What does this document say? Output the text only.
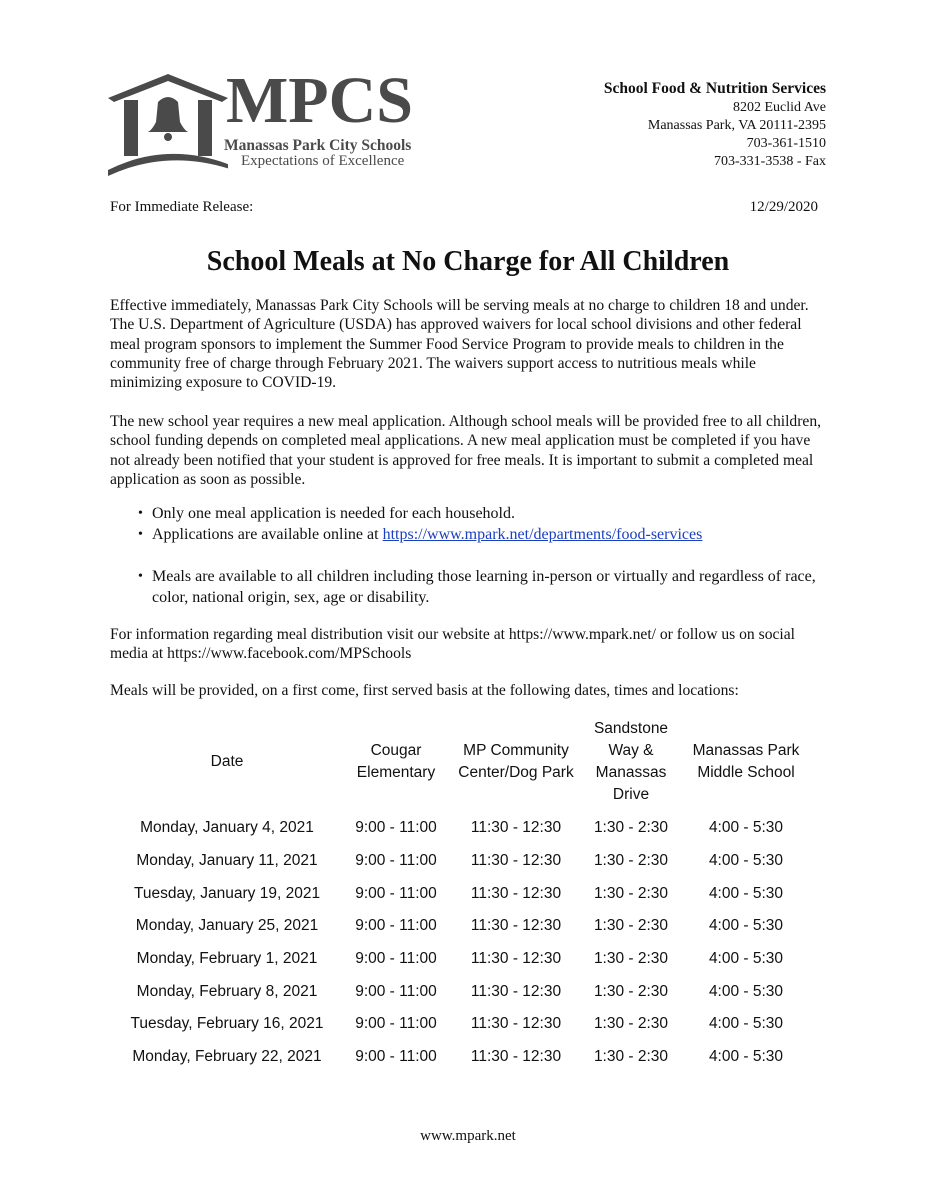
MPCS
Manassas Park City Schools
Expectations of Excellence
School Food & Nutrition Services
8202 Euclid Ave
Manassas Park, VA 20111-2395
703-361-1510
703-331-3538 - Fax
For Immediate Release:	12/29/2020
School Meals at No Charge for All Children

Effective immediately, Manassas Park City Schools will be serving meals at no charge to children 18 and under. The U.S. Department of Agriculture (USDA) has approved waivers for local school divisions and other federal meal program sponsors to implement the Summer Food Service Program to provide meals to children in the community free of charge through February 2021. The waivers support access to nutritious meals while minimizing exposure to COVID-19.

The new school year requires a new meal application. Although school meals will be provided free to all children, school funding depends on completed meal applications. A new meal application must be completed if you have not already been notified that your student is approved for free meals. It is important to submit a completed meal application as soon as possible.

• Only one meal application is needed for each household.
• Applications are available online at https://www.mpark.net/departments/food-services
• Meals are available to all children including those learning in-person or virtually and regardless of race, color, national origin, sex, age or disability.

For information regarding meal distribution visit our website at https://www.mpark.net/ or follow us on social media at https://www.facebook.com/MPSchools

Meals will be provided, on a first come, first served basis at the following dates, times and locations:

Date	Cougar Elementary	MP Community Center/Dog Park	Sandstone Way & Manassas Drive	Manassas Park Middle School
Monday, January 4, 2021	9:00 - 11:00	11:30 - 12:30	1:30 - 2:30	4:00 - 5:30
Monday, January 11, 2021	9:00 - 11:00	11:30 - 12:30	1:30 - 2:30	4:00 - 5:30
Tuesday, January 19, 2021	9:00 - 11:00	11:30 - 12:30	1:30 - 2:30	4:00 - 5:30
Monday, January 25, 2021	9:00 - 11:00	11:30 - 12:30	1:30 - 2:30	4:00 - 5:30
Monday, February 1, 2021	9:00 - 11:00	11:30 - 12:30	1:30 - 2:30	4:00 - 5:30
Monday, February 8, 2021	9:00 - 11:00	11:30 - 12:30	1:30 - 2:30	4:00 - 5:30
Tuesday, February 16, 2021	9:00 - 11:00	11:30 - 12:30	1:30 - 2:30	4:00 - 5:30
Monday, February 22, 2021	9:00 - 11:00	11:30 - 12:30	1:30 - 2:30	4:00 - 5:30
www.mpark.net
